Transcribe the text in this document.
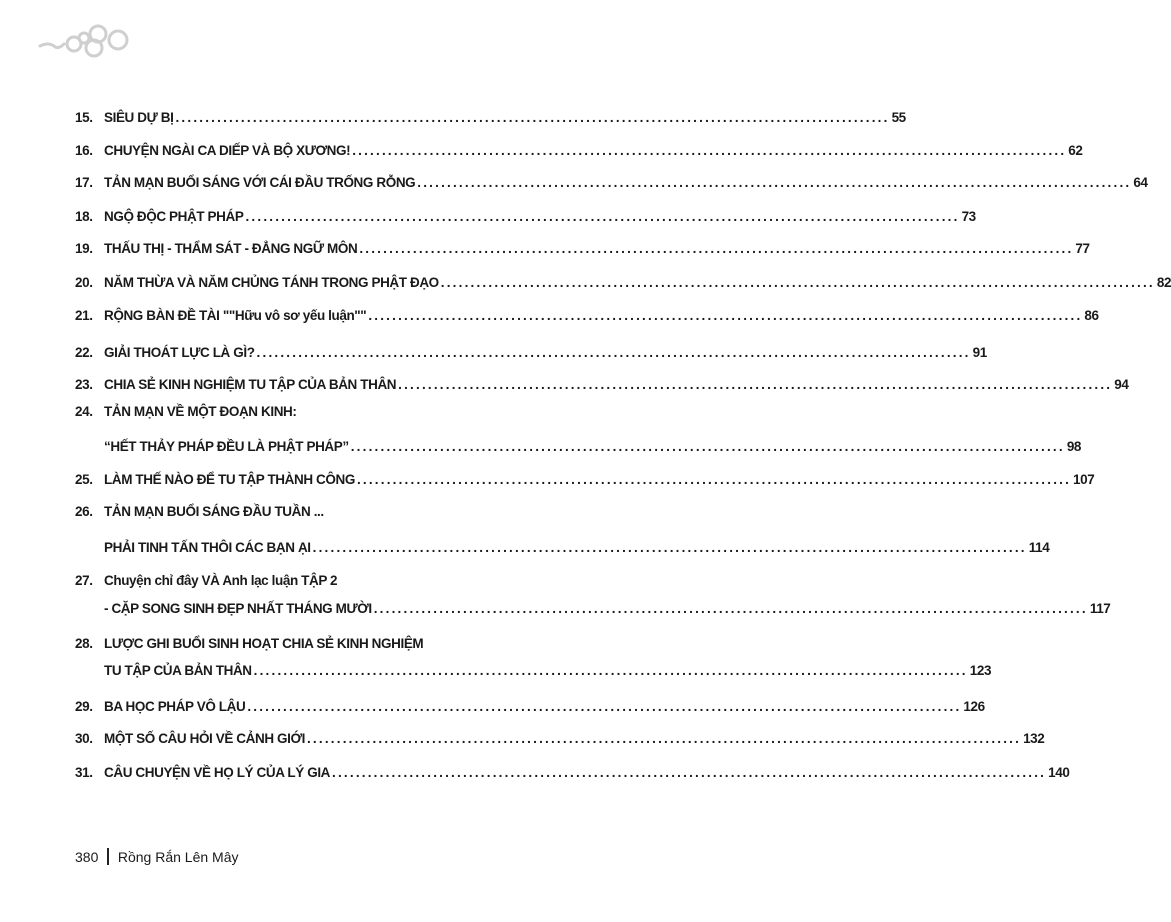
15. SIÊU DỰ BỊ ........................................................................................................................ 55
16. CHUYỆN NGÀI CA DIẾP VÀ BỘ XƯƠNG! ........................................................................................................................ 62
17. TẢN MẠN BUỔI SÁNG VỚI CÁI ĐẦU TRỐNG RỖNG ........................................................................................................................ 64
18. NGỘ ĐỘC PHẬT PHÁP ........................................................................................................................ 73
19. THẤU THỊ - THẨM SÁT - ĐẲNG NGỮ MÔN ........................................................................................................................ 77
20. NĂM THỪA VÀ NĂM CHỦNG TÁNH TRONG PHẬT ĐẠO ........................................................................................................................ 82
21. RỘNG BÀN ĐỀ TÀI ""Hữu vô sơ yếu luận"" ........................................................................................................................ 86
22. GIẢI THOÁT LỰC LÀ GÌ? ........................................................................................................................ 91
23. CHIA SẺ KINH NGHIỆM TU TẬP CỦA BẢN THÂN ........................................................................................................................ 94
24. TẢN MẠN VỀ MỘT ĐOẠN KINH:
“HẾT THẢY PHÁP ĐỀU LÀ PHẬT PHÁP” ........................................................................................................................ 98
25. LÀM THẾ NÀO ĐỂ TU TẬP THÀNH CÔNG ........................................................................................................................ 107
26. TẢN MẠN BUỔI SÁNG ĐẦU TUẦN ...
PHẢI TINH TẤN THÔI CÁC BẠN ẠI ........................................................................................................................ 114
27. Chuyện chỉ đây VÀ Anh lạc luận TẬP 2
- CẶP SONG SINH ĐẸP NHẤT THÁNG MƯỜI ........................................................................................................................ 117
28. LƯỢC GHI BUỔI SINH HOẠT CHIA SẺ KINH NGHIỆM
TU TẬP CỦA BẢN THÂN ........................................................................................................................ 123
29. BA HỌC PHÁP VÔ LẬU ........................................................................................................................ 126
30. MỘT SỐ CÂU HỎI VỀ CẢNH GIỚI ........................................................................................................................ 132
31. CÂU CHUYỆN VỀ HỌ LÝ CỦA LÝ GIA ........................................................................................................................ 140
380 Rồng Rắn Lên Mây
